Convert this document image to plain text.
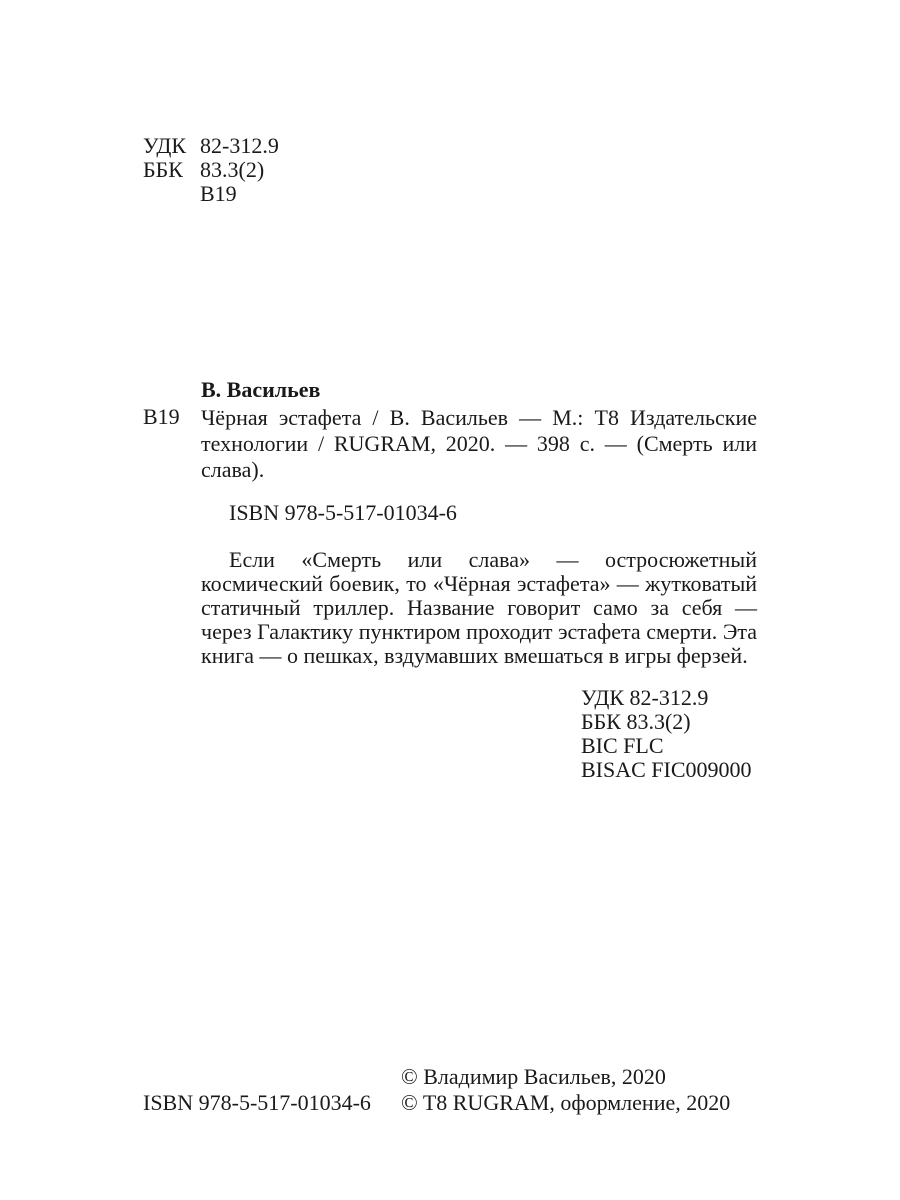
УДК 82-312.9
ББК 83.3(2)
В19
В. Васильев
В19 Чёрная эстафета / В. Васильев — М.: Т8 Издательские технологии / RUGRAM, 2020. — 398 с. — (Смерть или слава).
ISBN 978-5-517-01034-6
Если «Смерть или слава» — остросюжетный космический боевик, то «Чёрная эстафета» — жутковатый статичный триллер. Название говорит само за себя — через Галактику пунктиром проходит эстафета смерти. Эта книга — о пешках, вздумавших вмешаться в игры ферзей.
УДК 82-312.9
ББК 83.3(2)
BIC FLC
BISAC FIC009000
© Владимир Васильев, 2020
ISBN 978-5-517-01034-6 © T8 RUGRAM, оформление, 2020
